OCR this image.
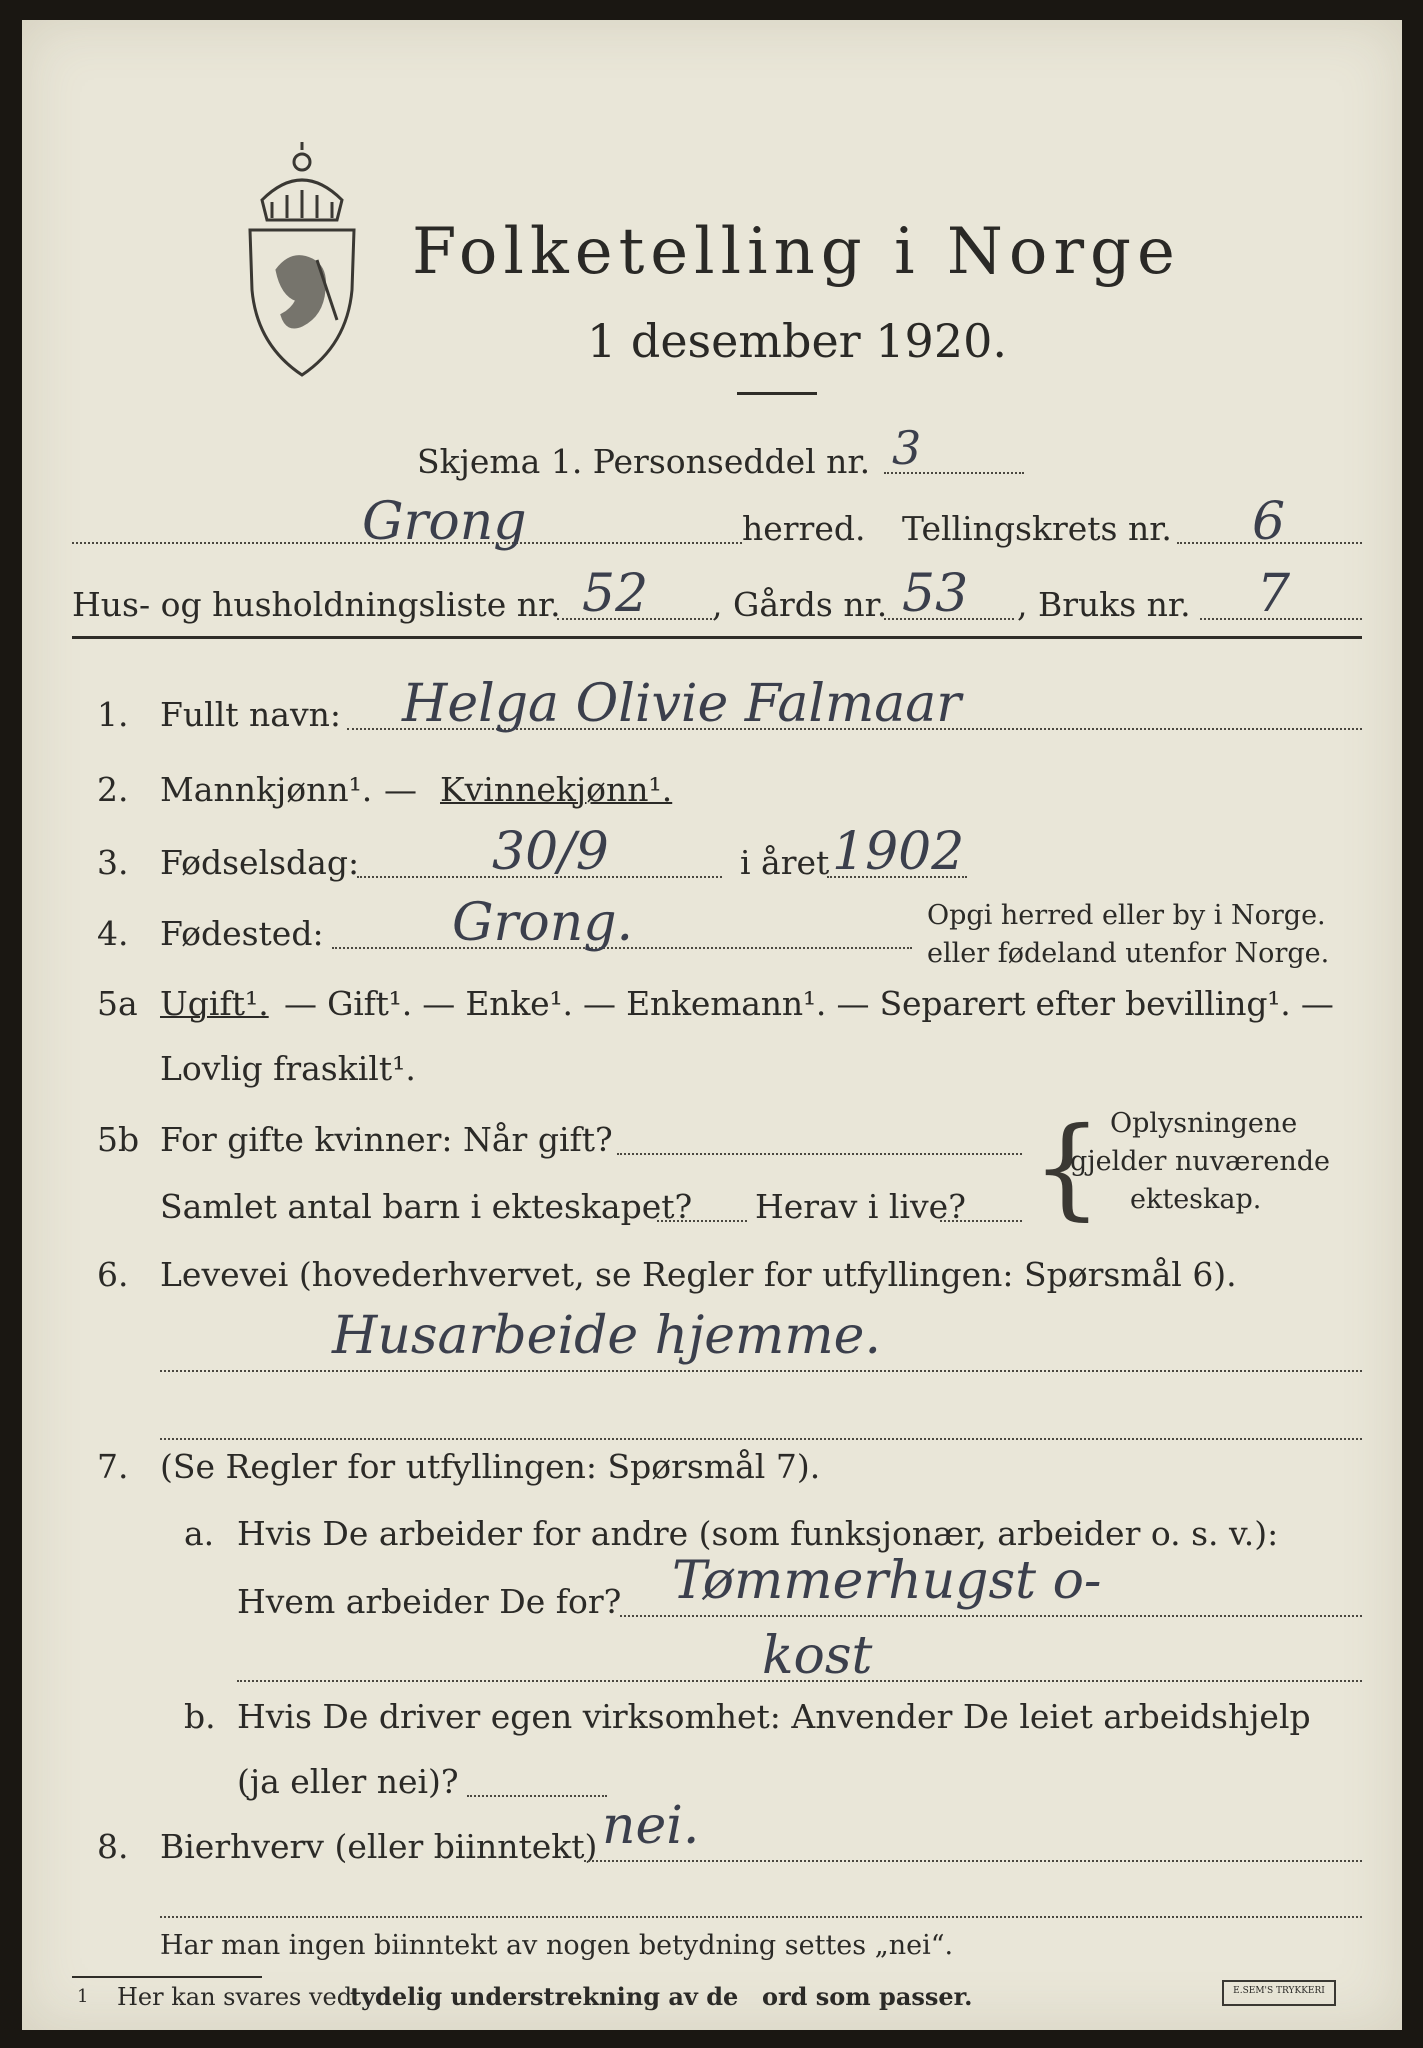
Folketelling i Norge
1 desember 1920.
Skjema 1. Personseddel nr. 3
Grong	herred. Tellingskrets nr. 6
Hus- og husholdningsliste nr. 52 , Gårds nr. 53 , Bruks nr. 7
1. Fullt navn: Helga Olivie Falmaar
2. Mannkjønn¹. — Kvinnekjønn¹.
3. Fødselsdag:	30/9	i året 1902
4. Fødested: Grong.	Opgi herred eller by i Norge.
eller fødeland utenfor Norge.
5a Ugift¹. — Gift¹. — Enke¹. — Enkemann¹. — Separert efter bevilling¹. —
Lovlig fraskilt¹.
5b For gifte kvinner: Når gift?
Samlet antal barn i ekteskapet? Herav i live? { Oplysningene
gjelder nuværende
ekteskap.
6. Levevei (hovederhvervet, se Regler for utfyllingen: Spørsmål 6).
Husarbeide hjemme.
7. (Se Regler for utfyllingen: Spørsmål 7).
a. Hvis De arbeider for andre (som funksjonær, arbeider o. s. v.):
Hvem arbeider De for? Tømmerhugst o-
kost
b. Hvis De driver egen virksomhet: Anvender De leiet arbeidshjelp
(ja eller nei)?
8. Bierhverv (eller biinntekt) nei.
Har man ingen biinntekt av nogen betydning settes „nei“.
1 Her kan svares ved
tydelig understrekning av de ord som passer.	E.SEM'S TRYKKERI
